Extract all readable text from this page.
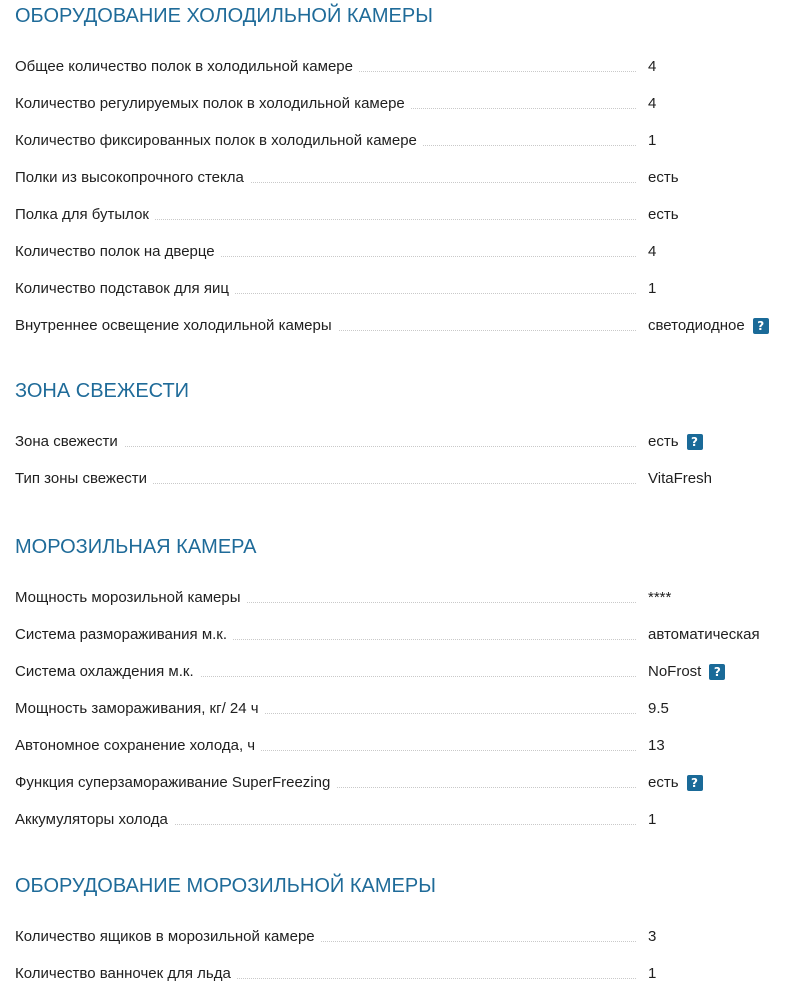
ОБОРУДОВАНИЕ ХОЛОДИЛЬНОЙ КАМЕРЫ
Общее количество полок в холодильной камере	4
Количество регулируемых полок в холодильной камере	4
Количество фиксированных полок в холодильной камере	1
Полки из высокопрочного стекла	есть
Полка для бутылок	есть
Количество полок на дверце	4
Количество подставок для яиц	1
Внутреннее освещение холодильной камеры	светодиодное	?
ЗОНА СВЕЖЕСТИ
Зона свежести	есть	?
Тип зоны свежести	VitaFresh
МОРОЗИЛЬНАЯ КАМЕРА
Мощность морозильной камеры	****
Система размораживания м.к.	автоматическая
Система охлаждения м.к.	NoFrost	?
Мощность замораживания, кг/ 24 ч	9.5
Автономное сохранение холода, ч	13
Функция суперзамораживание SuperFreezing	есть	?
Аккумуляторы холода	1
ОБОРУДОВАНИЕ МОРОЗИЛЬНОЙ КАМЕРЫ
Количество ящиков в морозильной камере	3
Количество ванночек для льда	1
